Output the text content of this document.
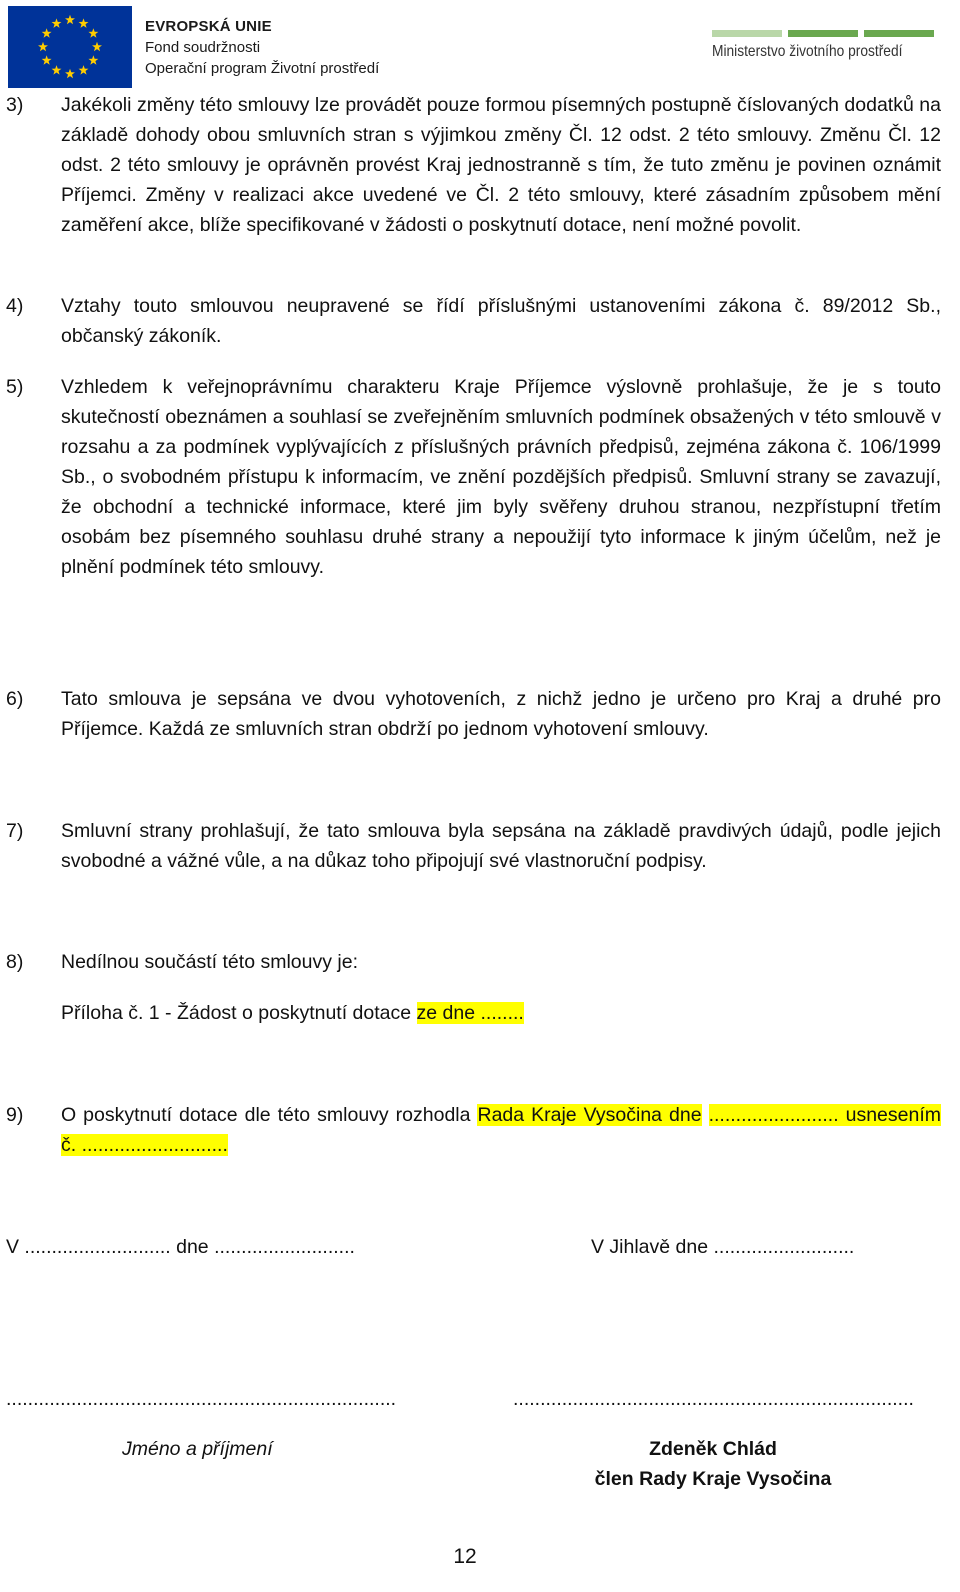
EVROPSKÁ UNIE
Fond soudržnosti
Operační program Životní prostředí
Ministerstvo životního prostředí
3) Jakékoli změny této smlouvy lze provádět pouze formou písemných postupně číslovaných dodatků na základě dohody obou smluvních stran s výjimkou změny Čl. 12 odst. 2 této smlouvy. Změnu Čl. 12 odst. 2 této smlouvy je oprávněn provést Kraj jednostranně s tím, že tuto změnu je povinen oznámit Příjemci. Změny v realizaci akce uvedené ve Čl. 2 této smlouvy, které zásadním způsobem mění zaměření akce, blíže specifikované v žádosti o poskytnutí dotace, není možné povolit.
4) Vztahy touto smlouvou neupravené se řídí příslušnými ustanoveními zákona č. 89/2012 Sb., občanský zákoník.
5) Vzhledem k veřejnoprávnímu charakteru Kraje Příjemce výslovně prohlašuje, že je s touto skutečností obeznámen a souhlasí se zveřejněním smluvních podmínek obsažených v této smlouvě v rozsahu a za podmínek vyplývajících z příslušných právních předpisů, zejména zákona č. 106/1999 Sb., o svobodném přístupu k informacím, ve znění pozdějších předpisů. Smluvní strany se zavazují, že obchodní a technické informace, které jim byly svěřeny druhou stranou, nezpřístupní třetím osobám bez písemného souhlasu druhé strany a nepoužijí tyto informace k jiným účelům, než je plnění podmínek této smlouvy.
6) Tato smlouva je sepsána ve dvou vyhotoveních, z nichž jedno je určeno pro Kraj a druhé pro Příjemce. Každá ze smluvních stran obdrží po jednom vyhotovení smlouvy.
7) Smluvní strany prohlašují, že tato smlouva byla sepsána na základě pravdivých údajů, podle jejich svobodné a vážné vůle, a na důkaz toho připojují své vlastnoruční podpisy.
8) Nedílnou součástí této smlouvy je:
Příloha č. 1 - Žádost o poskytnutí dotace ze dne ........
9) O poskytnutí dotace dle této smlouvy rozhodla Rada Kraje Vysočina dne ........................ usnesením č. ...........................
V ........................... dne ..........................	V Jihlavě dne ..........................
........................................................................	..........................................................................
Jméno a příjmení	Zdeněk Chlád
člen Rady Kraje Vysočina
12
